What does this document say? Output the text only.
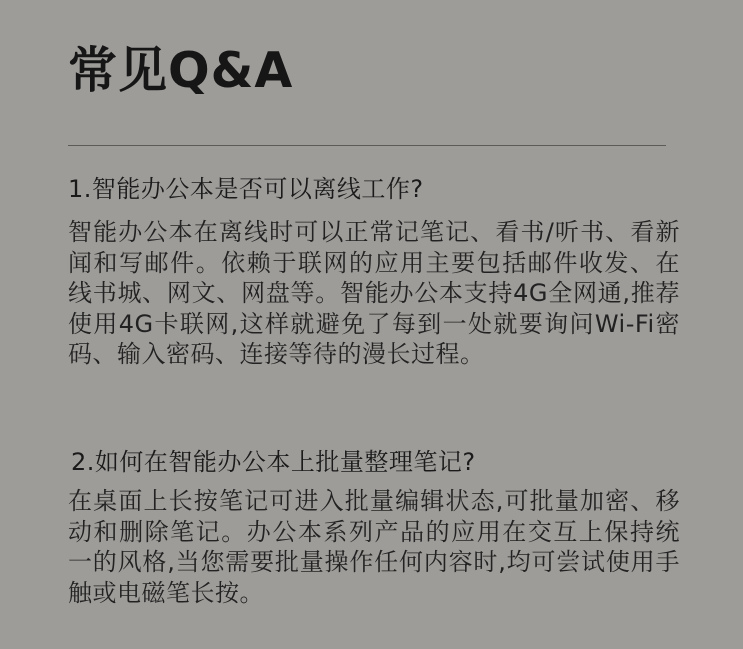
常见Q&A
1.智能办公本是否可以离线工作?

智能办公本在离线时可以正常记笔记、看书/听书、看新闻和写邮件。依赖于联网的应用主要包括邮件收发、在线书城、网文、网盘等。智能办公本支持4G全网通,推荐使用4G卡联网,这样就避免了每到一处就要询问Wi-Fi密码、输入密码、连接等待的漫长过程。

2.如何在智能办公本上批量整理笔记?

在桌面上长按笔记可进入批量编辑状态,可批量加密、移动和删除笔记。办公本系列产品的应用在交互上保持统一的风格,当您需要批量操作任何内容时,均可尝试使用手触或电磁笔长按。
